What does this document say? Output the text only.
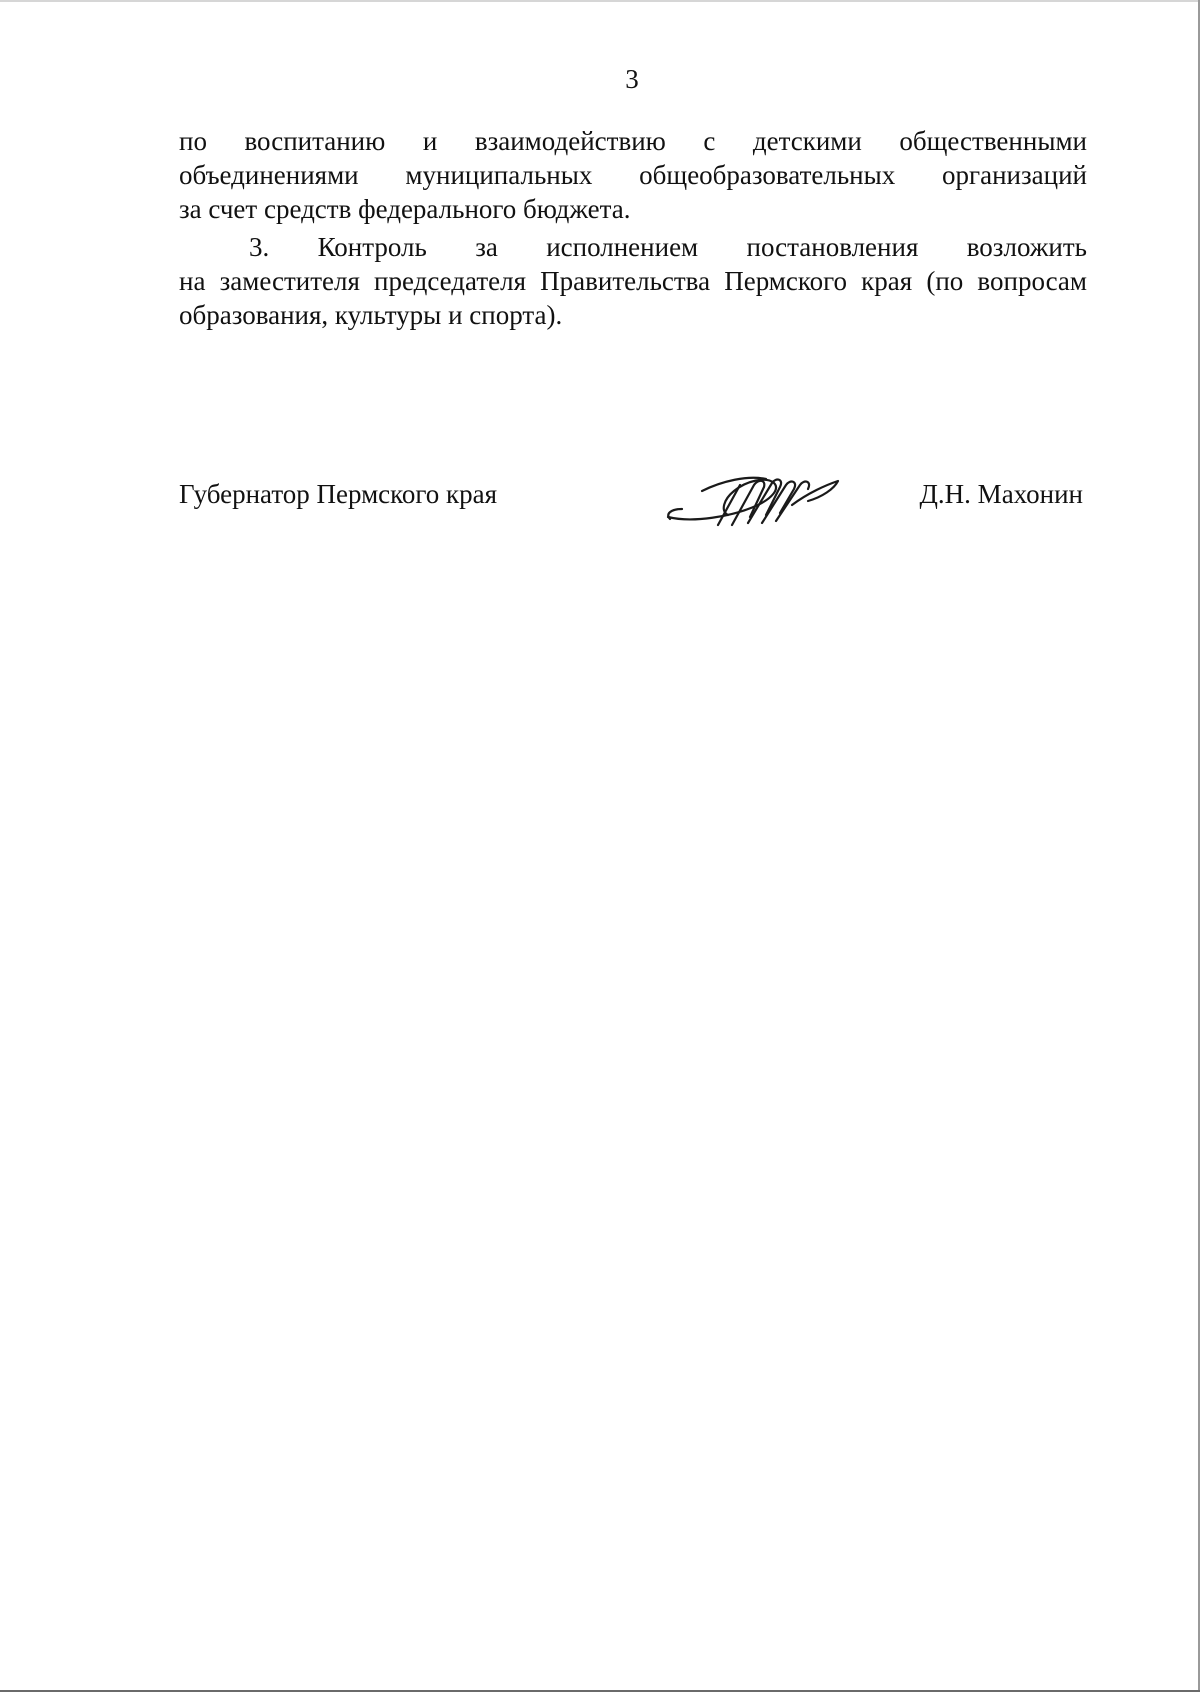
3

по воспитанию и взаимодействию с детскими общественными
объединениями муниципальных общеобразовательных организаций
за счет средств федерального бюджета.

3. Контроль за исполнением постановления возложить
на заместителя председателя Правительства Пермского края (по вопросам
образования, культуры и спорта).

Губернатор Пермского края	Д.Н. Махонин
